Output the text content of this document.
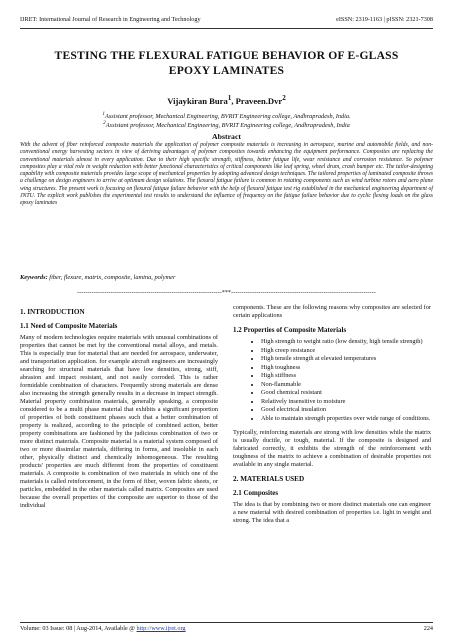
IJRET: International Journal of Research in Engineering and Technology	eISSN: 2319-1163 | pISSN: 2321-7308
TESTING THE FLEXURAL FATIGUE BEHAVIOR OF E-GLASS
EPOXY LAMINATES
Vijaykiran Bura$^1$, Praveen.Dvr$^2$
$^1$Assistant professor, Mechanical Engineering, BVRIT Engineering college, Andhrapradesh, India.
$^2$Assistant professor, Mechanical Engineering, BVRIT Engineering college, Andhrapradesh, India
Abstract
With the advent of fiber reinforced composite materials the application of polymer composite materials is increasing in aerospace, marine and automobile fields, and non-conventional energy harvesting sectors in view of deriving advantages of polymer composites towards enhancing the equipment performance. Composites are replacing the conventional materials almost in every application. Due to their high specific strength, stiffness, better fatigue life, wear resistance and corrosion resistance. So polymer composites play a vital role in weight reduction with better functional characteristics of critical components like leaf spring, wheel drum, crash bumper etc. The tailor-designing capability with composite materials provides large scope of mechanical properties by adopting advanced design techniques. The tailored properties of laminated composite throws a challenge on design engineers to arrive at optimum design solutions. The flexural fatigue failure is common in rotating components such as wind turbine rotors and aero plane wing structures. The present work is focusing on flexural fatigue failure behavior with the help of flexural fatigue test rig established in the mechanical engineering department of JNTU. The explicit work publishes the experimental test results to understand the influence of frequency on the fatigue failure behavior due to cyclic flexing loads on the glass epoxy laminates
Keywords: fiber, flexure, matrix, composite, lamina, polymer
---------------------------------------------------------------------***---------------------------------------------------------------------
1. INTRODUCTION
1.1 Need of Composite Materials

Many of modern technologies require materials with unusual combinations of properties that cannot be met by the conventional metal alloys, and metals. This is especially true for material that are needed for aerospace, underwater, and transportation application. for example aircraft engineers are increasingly searching for structural materials that have low densities, strong, stiff, abrasion and impact resistant, and not easily corroded. This is rather formidable combination of characters. Frequently strong materials are dense also increasing the strength generally results in a decrease in impact strength. Material property combination materials, generally speaking, a composite considered to be a multi phase material that exhibits a significant proportion of properties of both constituent phases such that a better combination of property is realized, according to the principle of combined action, better property combinations are fashioned by the judicious combination of two or more distinct materials. Composite material is a material system composed of two or more dissimilar materials, differing in forms, and insoluble in each other, physically distinct and chemically inhomogeneous. The resulting products' properties are much different from the properties of constituent materials. A composite is combination of two materials in which one of the materials is called reinforcement, in the form of fiber, woven fabric sheets, or particles, embedded in the other materials called matrix. Composites are used because the overall properties of the composite are superior to those of the individual

components. These are the following reasons why composites are selected for certain applications

1.2 Properties of Composite Materials
• High strength to weight ratio (low density, high tensile strength)
• High creep resistance
• High tensile strength at elevated temperatures
• High toughness
• High stiffness
• Non-flammable
• Good chemical resistant
• Relatively insensitive to moisture
• Good electrical insulation
• Able to maintain strength properties over wide range of conditions.

Typically, reinforcing materials are strong with low densities while the matrix is usually ductile, or tough, material. If the composite is designed and fabricated correctly, it exhibits the strength of the reinforcement with toughness of the matrix to achieve a combination of desirable properties not available in any single material.

2. MATERIALS USED
2.1 Composites

The idea is that by combining two or more distinct materials one can engineer a new material with desired combination of properties i.e. light in weight and strong. The idea that a

Volume: 03 Issue: 08 | Aug-2014, Available @ http://www.ijret.org	224
